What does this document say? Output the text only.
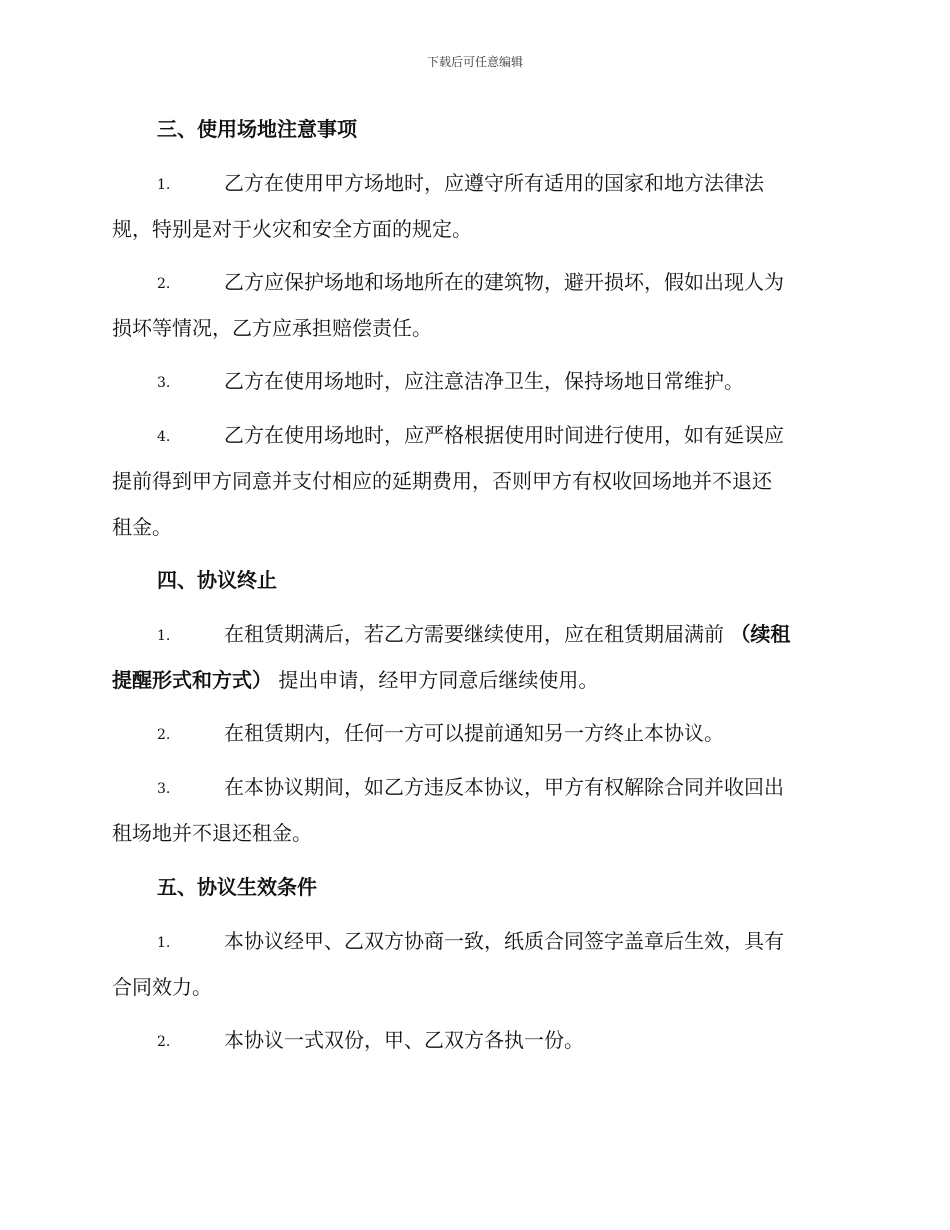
下载后可任意编辑
三、使用场地注意事项
1.	乙方在使用甲方场地时，应遵守所有适用的国家和地方法律法
规，特别是对于火灾和安全方面的规定。
2.	乙方应保护场地和场地所在的建筑物，避开损坏，假如出现人为
损坏等情况，乙方应承担赔偿责任。
3.	乙方在使用场地时，应注意洁净卫生，保持场地日常维护。
4.	乙方在使用场地时，应严格根据使用时间进行使用，如有延误应
提前得到甲方同意并支付相应的延期费用，否则甲方有权收回场地并不退还
租金。
四、协议终止
1.	在租赁期满后，若乙方需要继续使用，应在租赁期届满前 （续租
提醒形式和方式） 提出申请，经甲方同意后继续使用。
2.	在租赁期内，任何一方可以提前通知另一方终止本协议。
3.	在本协议期间，如乙方违反本协议，甲方有权解除合同并收回出
租场地并不退还租金。
五、协议生效条件
1.	本协议经甲、乙双方协商一致，纸质合同签字盖章后生效，具有
合同效力。
2.	本协议一式双份，甲、乙双方各执一份。
